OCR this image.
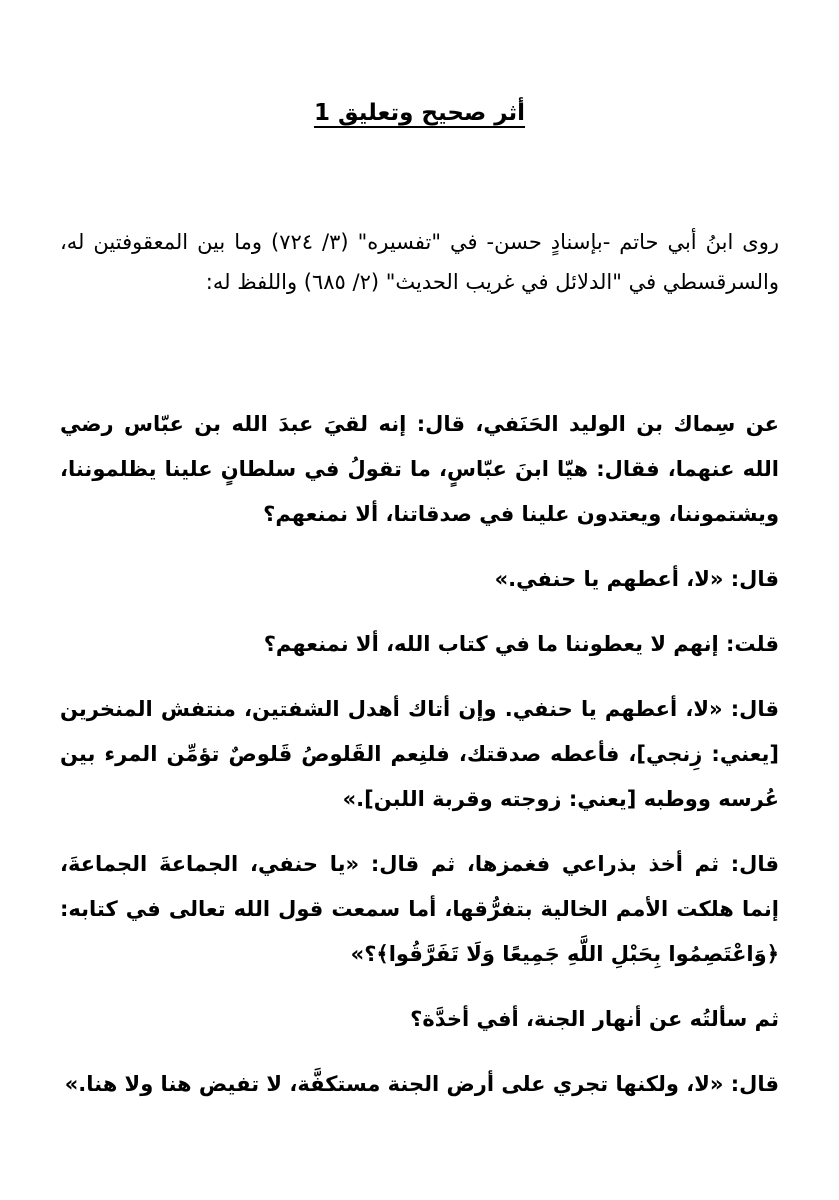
أثر صحيح وتعليق 1
روى ابنُ أبي حاتم -بإسنادٍ حسن- في "تفسيره" (٣/ ٧٢٤) وما بين المعقوفتين له، والسرقسطي في "الدلائل في غريب الحديث" (٢/ ٦٨٥) واللفظ له:

عن سِماك بن الوليد الحَنَفي، قال: إنه لقيَ عبدَ الله بن عبّاس رضي الله عنهما، فقال: هيّا ابنَ عبّاسٍ، ما تقولُ في سلطانٍ علينا يظلموننا، ويشتموننا، ويعتدون علينا في صدقاتنا، ألا نمنعهم؟

قال: «لا، أعطهم يا حنفي.»

قلت: إنهم لا يعطوننا ما في كتاب الله، ألا نمنعهم؟

قال: «لا، أعطهم يا حنفي. وإن أتاك أهدل الشفتين، منتفش المنخرين [يعني: زِنجي]، فأعطه صدقتك، فلنِعم القَلوصُ قَلوصٌ تؤمِّن المرء بين عُرسه ووطبه [يعني: زوجته وقربة اللبن].»

قال: ثم أخذ بذراعي فغمزها، ثم قال: «يا حنفي، الجماعةَ الجماعةَ، إنما هلكت الأمم الخالية بتفرُّقها، أما سمعت قول الله تعالى في كتابه: ﴿وَاعْتَصِمُوا بِحَبْلِ اللَّهِ جَمِيعًا وَلَا تَفَرَّقُوا﴾؟»

ثم سألتُه عن أنهار الجنة، أفي أخدَّة؟

قال: «لا، ولكنها تجري على أرض الجنة مستكفَّة، لا تفيض هنا ولا هنا.»
